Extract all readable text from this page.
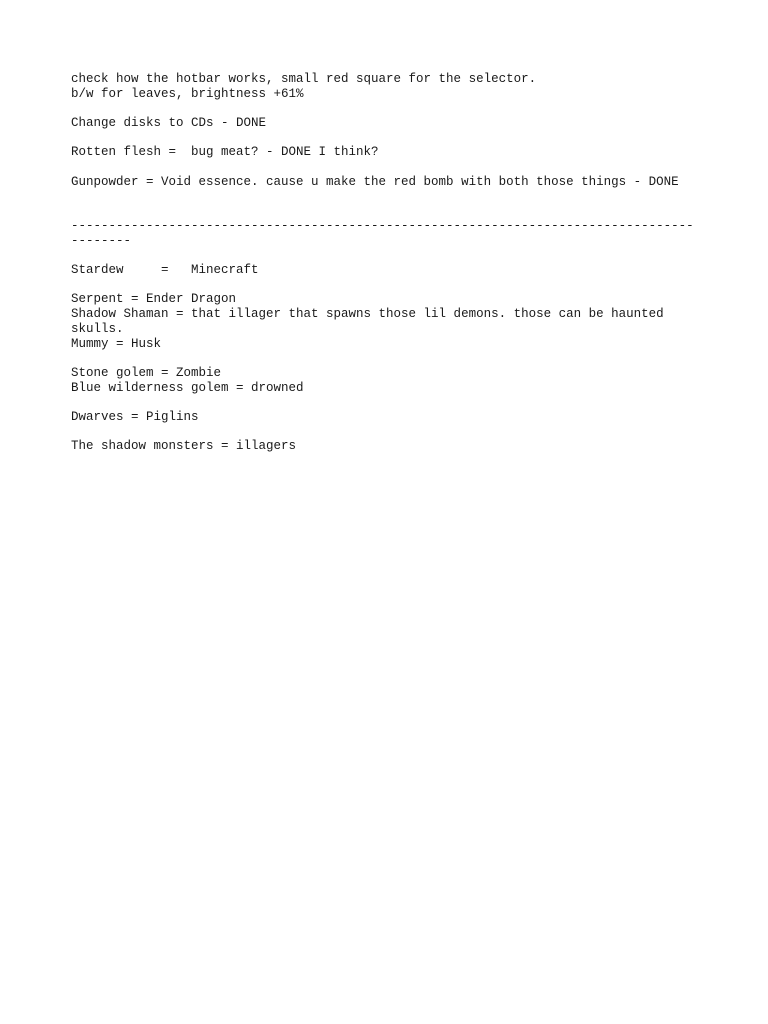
check how the hotbar works, small red square for the selector.
b/w for leaves, brightness +61%
Change disks to CDs - DONE
Rotten flesh =  bug meat? - DONE I think?
Gunpowder = Void essence. cause u make the red bomb with both those things - DONE
-----------------------------------------------------------------------------------
--------
Stardew     =   Minecraft
Serpent = Ender Dragon
Shadow Shaman = that illager that spawns those lil demons. those can be haunted
skulls.
Mummy = Husk
Stone golem = Zombie
Blue wilderness golem = drowned
Dwarves = Piglins
The shadow monsters = illagers
